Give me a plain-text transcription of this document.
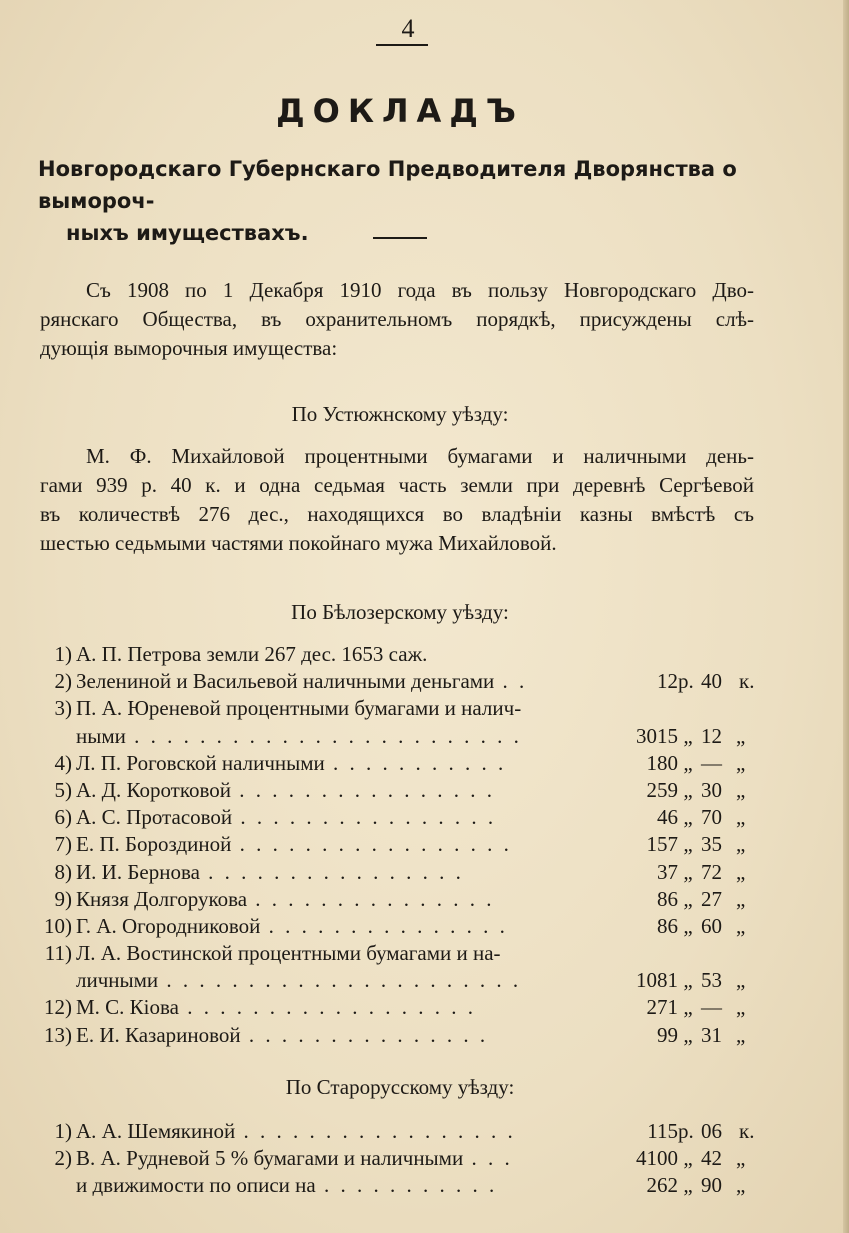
4
ДОКЛАДЪ
Новгородскаго Губернскаго Предводителя Дворянства о выморoч-
ныхъ имуществахъ.
Съ 1908 по 1 Декабря 1910 года въ пользу Новгородскаго Дво-
рянскаго Общества, въ охранительномъ порядкѣ, присуждены слѣ-
дующія выморочныя имущества:
По Устюжнскому уѣзду:
М. Ф. Михайловой процентными бумагами и наличными день-
гами 939 р. 40 к. и одна седьмая часть земли при деревнѣ Сергѣевой
въ количествѣ 276 дес., находящихся во владѣніи казны вмѣстѣ съ
шестью седьмыми частями покойнаго мужа Михайловой.
По Бѣлозерскому уѣзду:
1) А. П. Петрова земли 267 дес. 1653 саж.
2) Зелениной и Васильевой наличными деньгами . .	12 р. 40 к.
3) П. А. Юреневой процентными бумагами и налич-
ными . . . . . . . . . . . . . . . . . . . . . . . .	3015 „ 12 „
4) Л. П. Роговской наличными . . . . . . . . . . .	180 „ — „
5) А. Д. Коротковой . . . . . . . . . . . . . . . .	259 „ 30 „
6) А. С. Протасовой . . . . . . . . . . . . . . . .	46 „ 70 „
7) Е. П. Бороздиной . . . . . . . . . . . . . . . . .	157 „ 35 „
8) И. И. Бернова . . . . . . . . . . . . . . . .	37 „ 72 „
9) Князя Долгорукова . . . . . . . . . . . . . . .	86 „ 27 „
10) Г. А. Огородниковой . . . . . . . . . . . . . . .	86 „ 60 „
11) Л. А. Востинской процентными бумагами и на-
личными . . . . . . . . . . . . . . . . . . . . . .	1081 „ 53 „
12) М. С. Кіова . . . . . . . . . . . . . . . . . .	271 „ — „
13) Е. И. Казариновой . . . . . . . . . . . . . . .	99 „ 31 „
По Старорусскому уѣзду:
1) А. А. Шемякиной . . . . . . . . . . . . . . . . .	115 р. 06 к.
2) В. А. Рудневой 5 % бумагами и наличными . . .	4100 „ 42 „
и движимости по описи на . . . . . . . . . . .	262 „ 90 „
